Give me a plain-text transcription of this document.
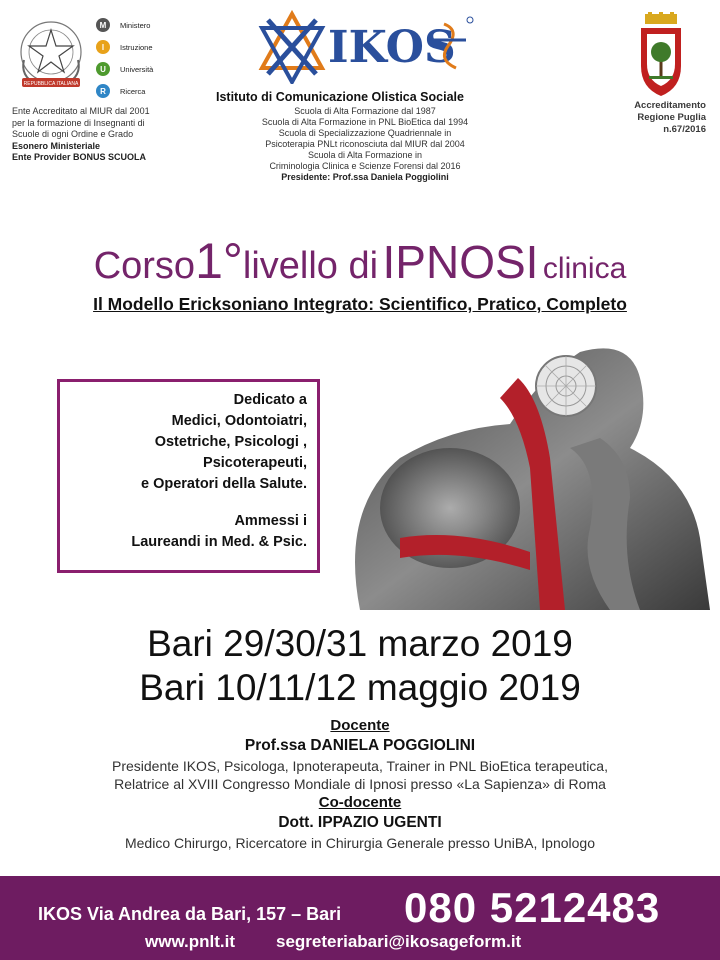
REPUBBLICA ITALIANA
M	Ministero
I	Istruzione
U	Università
R	Ricerca
Ente Accreditato al MIUR dal 2001
per la formazione di Insegnanti di
Scuole di ogni Ordine e Grado
Esonero Ministeriale
Ente Provider BONUS SCUOLA
IKOS
Istituto di Comunicazione Olistica Sociale
Scuola di Alta Formazione dal 1987
Scuola di Alta Formazione in PNL BioEtica dal 1994
Scuola di Specializzazione Quadriennale in
Psicoterapia PNLt riconosciuta dal MIUR dal 2004
Scuola di Alta Formazione in
Criminologia Clinica e Scienze Forensi dal 2016
Presidente: Prof.ssa Daniela Poggiolini
Accreditamento
Regione Puglia
n.67/2016
Corso1°livello di IPNOSI clinica
Il Modello Ericksoniano Integrato: Scientifico, Pratico, Completo
Dedicato a
Medici, Odontoiatri,
Ostetriche, Psicologi ,
Psicoterapeuti,
e Operatori della Salute.
Ammessi i
Laureandi in Med. & Psic.
Bari 29/30/31 marzo 2019
Bari 10/11/12 maggio 2019
Docente
Prof.ssa DANIELA POGGIOLINI
Presidente IKOS, Psicologa, Ipnoterapeuta, Trainer in PNL BioEtica terapeutica,
Relatrice al XVIII Congresso Mondiale di Ipnosi presso «La Sapienza» di Roma
Co-docente
Dott. IPPAZIO UGENTI
Medico Chirurgo, Ricercatore in Chirurgia Generale presso UniBA, Ipnologo
IKOS Via Andrea da Bari, 157 – Bari 080 5212483
www.pnlt.it segreteriabari@ikosageform.it
